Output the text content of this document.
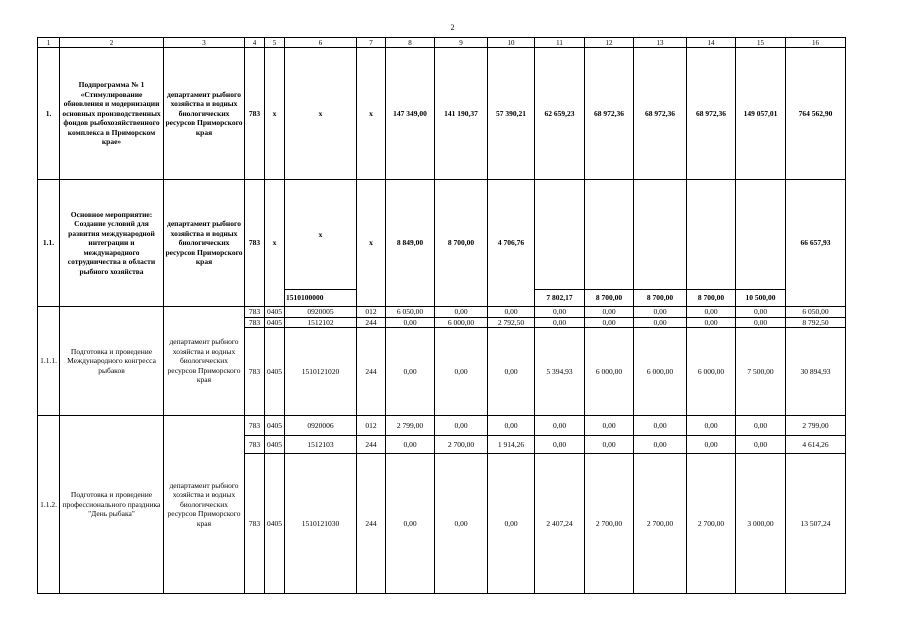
2
1	2	3	4	5	6	7	8	9	10	11	12	13	14	15	16
1.	Подпрограмма № 1 «Стимулирование обновления и модернизации основных производственных фондов рыбохозяйственного комплекса в Приморском крае»	департамент рыбного хозяйства и водных биологических ресурсов Приморского края	783	х	х	х	147 349,00	141 190,37	57 390,21	62 659,23	68 972,36	68 972,36	68 972,36	149 057,01	764 562,90
1.1.	Основное мероприятие: Создание условий для развития международной интеграции и международного сотрудничества в области рыбного хозяйства	департамент рыбного хозяйства и водных биологических ресурсов Приморского края	783	х	х	х	8 849,00	8 700,00	4 706,76						66 657,93
					1510100000					7 802,17	8 700,00	8 700,00	8 700,00	10 500,00	
1.1.1.	Подготовка и проведение Международного конгресса рыбаков	департамент рыбного хозяйства и водных биологических ресурсов Приморского края	783	0405	0920005	012	6 050,00	0,00	0,00	0,00	0,00	0,00	0,00	0,00	6 050,00
			783	0405	1512102	244	0,00	6 000,00	2 792,50	0,00	0,00	0,00	0,00	0,00	8 792,50
			783	0405	1510121020	244	0,00	0,00	0,00	5 394,93	6 000,00	6 000,00	6 000,00	7 500,00	30 894,93
1.1.2.	Подготовка и проведение профессионального праздника "День рыбака"	департамент рыбного хозяйства и водных биологических ресурсов Приморского края	783	0405	0920006	012	2 799,00	0,00	0,00	0,00	0,00	0,00	0,00	0,00	2 799,00
			783	0405	1512103	244	0,00	2 700,00	1 914,26	0,00	0,00	0,00	0,00	0,00	4 614,26
			783	0405	1510121030	244	0,00	0,00	0,00	2 407,24	2 700,00	2 700,00	2 700,00	3 000,00	13 507,24
